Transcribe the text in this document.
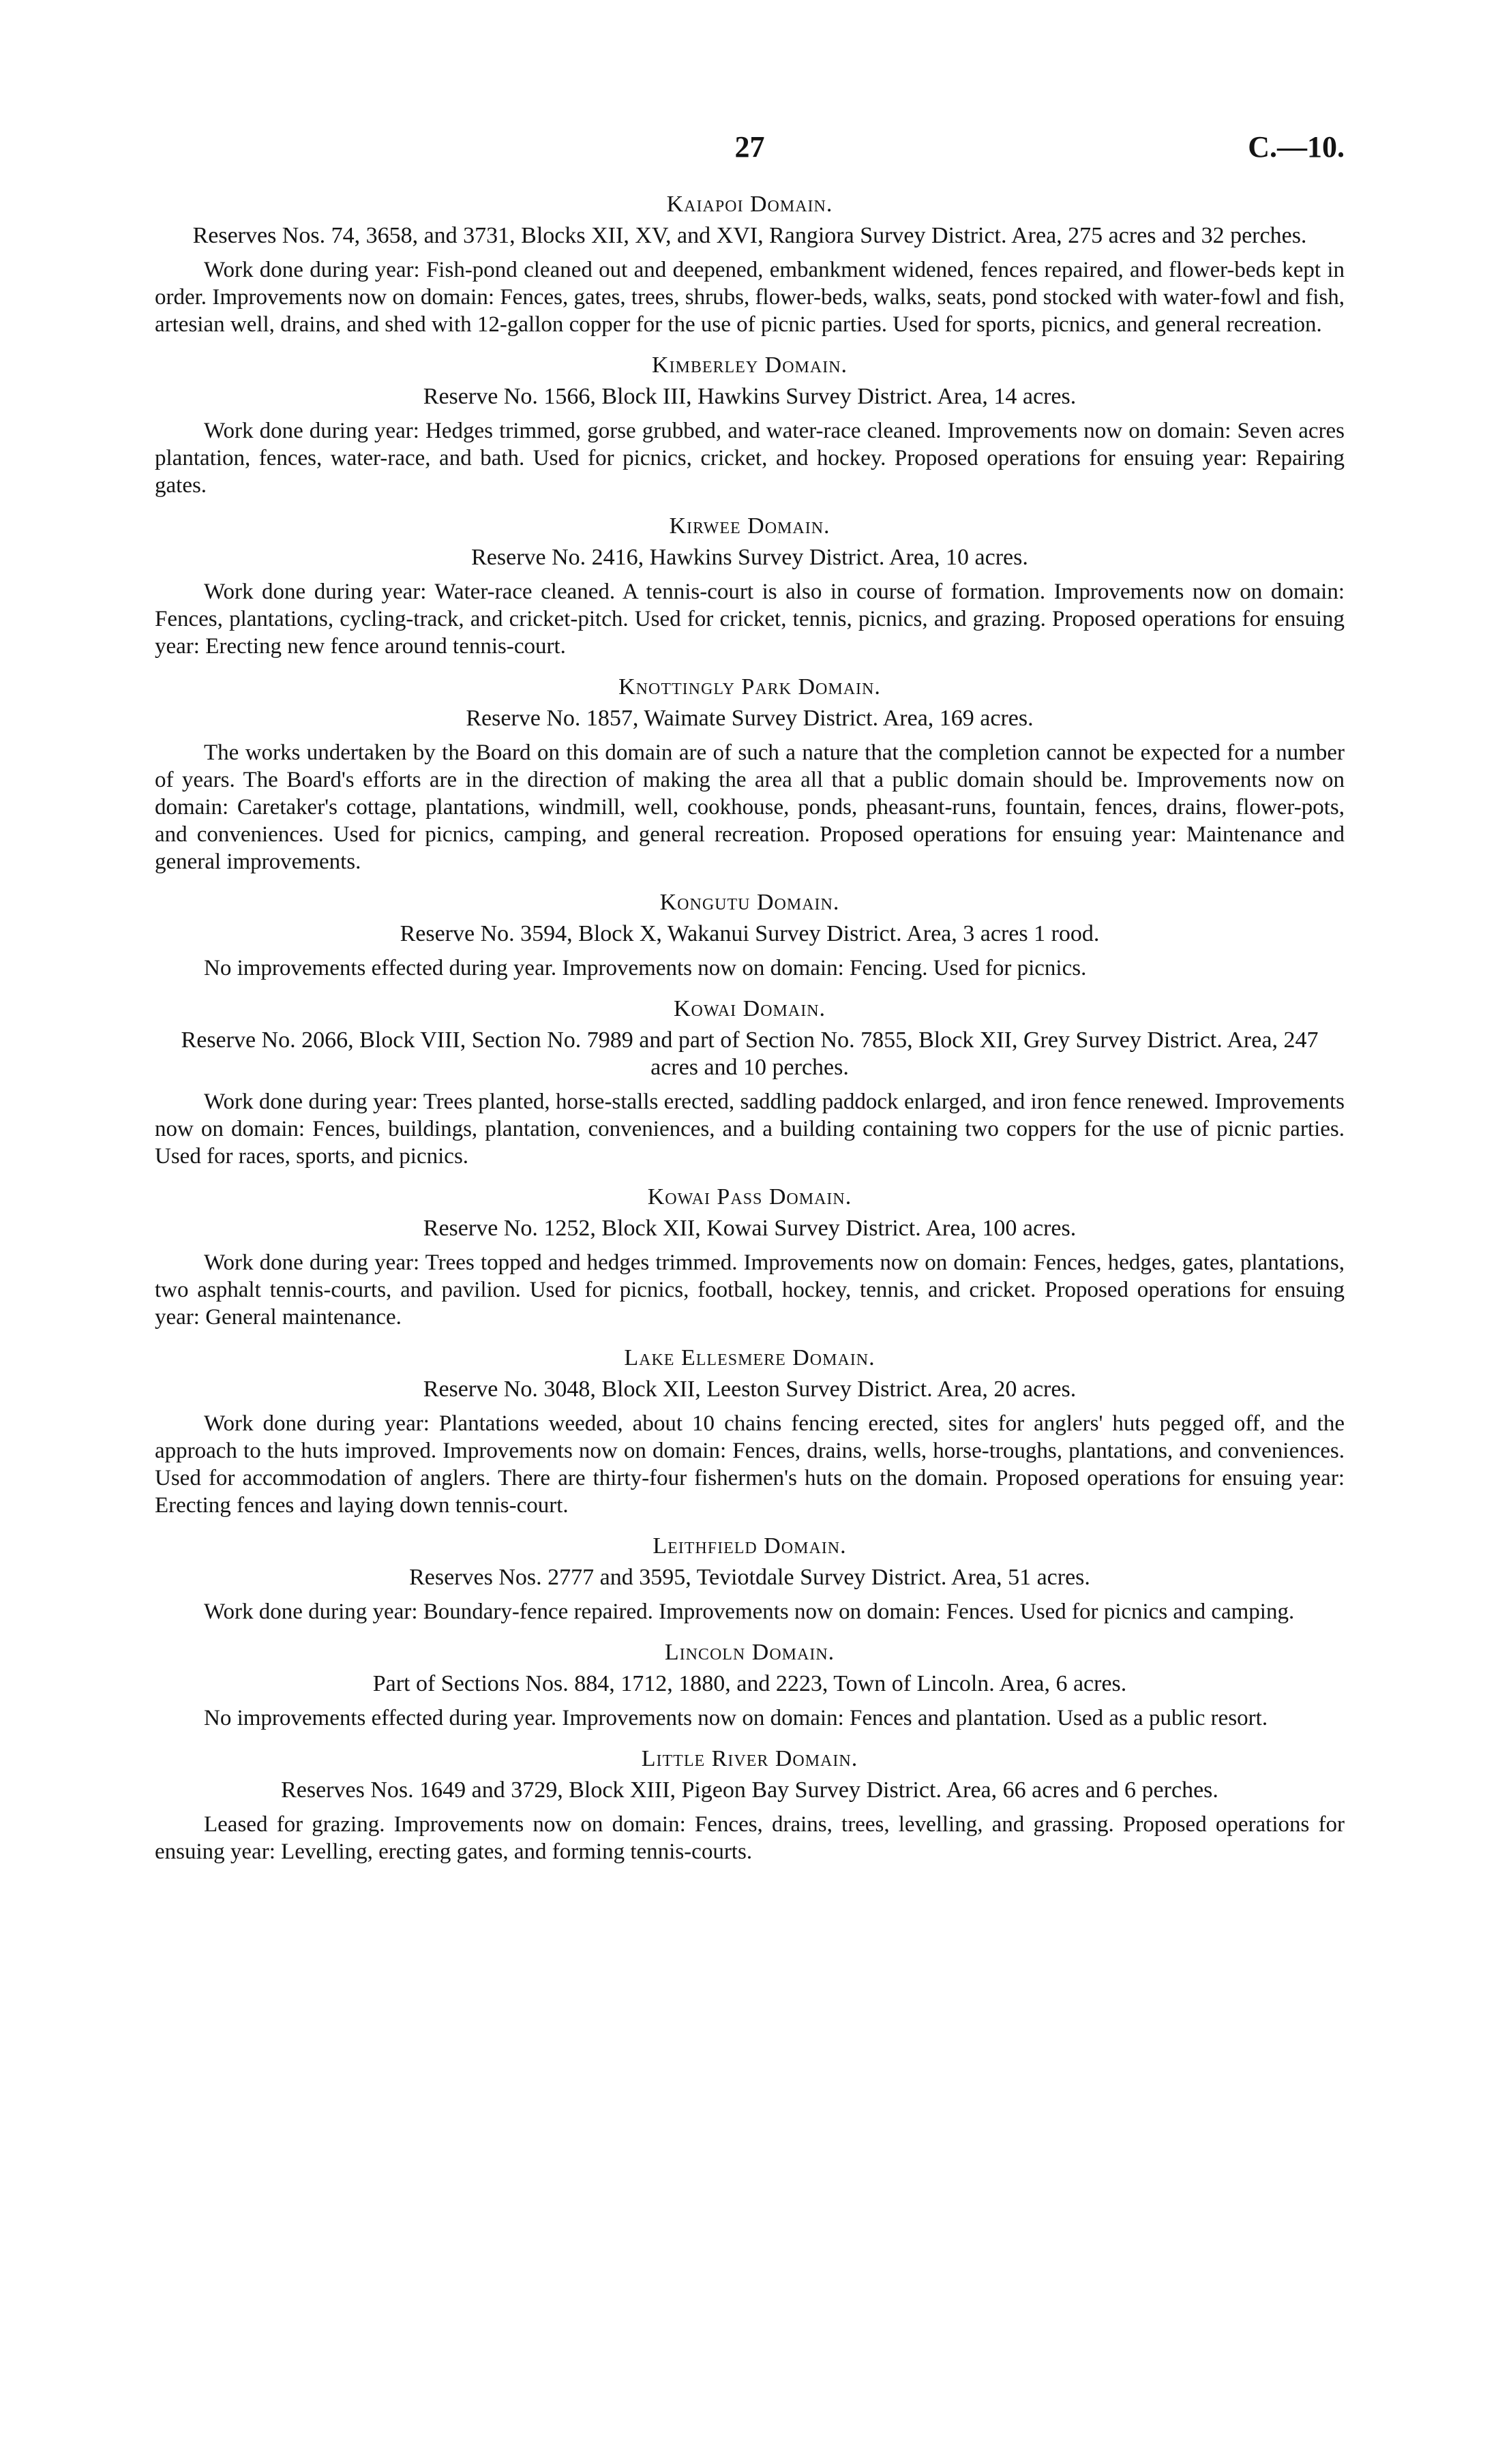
27	C.—10.
Kaiapoi Domain.
Reserves Nos. 74, 3658, and 3731, Blocks XII, XV, and XVI, Rangiora Survey District. Area, 275 acres and 32 perches.

Work done during year: Fish-pond cleaned out and deepened, embankment widened, fences repaired, and flower-beds kept in order. Improvements now on domain: Fences, gates, trees, shrubs, flower-beds, walks, seats, pond stocked with water-fowl and fish, artesian well, drains, and shed with 12-gallon copper for the use of picnic parties. Used for sports, picnics, and general recreation.

Kimberley Domain.
Reserve No. 1566, Block III, Hawkins Survey District. Area, 14 acres.

Work done during year: Hedges trimmed, gorse grubbed, and water-race cleaned. Improvements now on domain: Seven acres plantation, fences, water-race, and bath. Used for picnics, cricket, and hockey. Proposed operations for ensuing year: Repairing gates.

Kirwee Domain.
Reserve No. 2416, Hawkins Survey District. Area, 10 acres.

Work done during year: Water-race cleaned. A tennis-court is also in course of formation. Improvements now on domain: Fences, plantations, cycling-track, and cricket-pitch. Used for cricket, tennis, picnics, and grazing. Proposed operations for ensuing year: Erecting new fence around tennis-court.

Knottingly Park Domain.
Reserve No. 1857, Waimate Survey District. Area, 169 acres.

The works undertaken by the Board on this domain are of such a nature that the completion cannot be expected for a number of years. The Board's efforts are in the direction of making the area all that a public domain should be. Improvements now on domain: Caretaker's cottage, plantations, windmill, well, cookhouse, ponds, pheasant-runs, fountain, fences, drains, flower-pots, and conveniences. Used for picnics, camping, and general recreation. Proposed operations for ensuing year: Maintenance and general improvements.

Kongutu Domain.
Reserve No. 3594, Block X, Wakanui Survey District. Area, 3 acres 1 rood.

No improvements effected during year. Improvements now on domain: Fencing. Used for picnics.

Kowai Domain.
Reserve No. 2066, Block VIII, Section No. 7989 and part of Section No. 7855, Block XII, Grey Survey District. Area, 247 acres and 10 perches.

Work done during year: Trees planted, horse-stalls erected, saddling paddock enlarged, and iron fence renewed. Improvements now on domain: Fences, buildings, plantation, conveniences, and a building containing two coppers for the use of picnic parties. Used for races, sports, and picnics.

Kowai Pass Domain.
Reserve No. 1252, Block XII, Kowai Survey District. Area, 100 acres.

Work done during year: Trees topped and hedges trimmed. Improvements now on domain: Fences, hedges, gates, plantations, two asphalt tennis-courts, and pavilion. Used for picnics, football, hockey, tennis, and cricket. Proposed operations for ensuing year: General maintenance.

Lake Ellesmere Domain.
Reserve No. 3048, Block XII, Leeston Survey District. Area, 20 acres.

Work done during year: Plantations weeded, about 10 chains fencing erected, sites for anglers' huts pegged off, and the approach to the huts improved. Improvements now on domain: Fences, drains, wells, horse-troughs, plantations, and conveniences. Used for accommodation of anglers. There are thirty-four fishermen's huts on the domain. Proposed operations for ensuing year: Erecting fences and laying down tennis-court.

Leithfield Domain.
Reserves Nos. 2777 and 3595, Teviotdale Survey District. Area, 51 acres.

Work done during year: Boundary-fence repaired. Improvements now on domain: Fences. Used for picnics and camping.

Lincoln Domain.
Part of Sections Nos. 884, 1712, 1880, and 2223, Town of Lincoln. Area, 6 acres.

No improvements effected during year. Improvements now on domain: Fences and plantation. Used as a public resort.

Little River Domain.
Reserves Nos. 1649 and 3729, Block XIII, Pigeon Bay Survey District. Area, 66 acres and 6 perches.

Leased for grazing. Improvements now on domain: Fences, drains, trees, levelling, and grassing. Proposed operations for ensuing year: Levelling, erecting gates, and forming tennis-courts.
